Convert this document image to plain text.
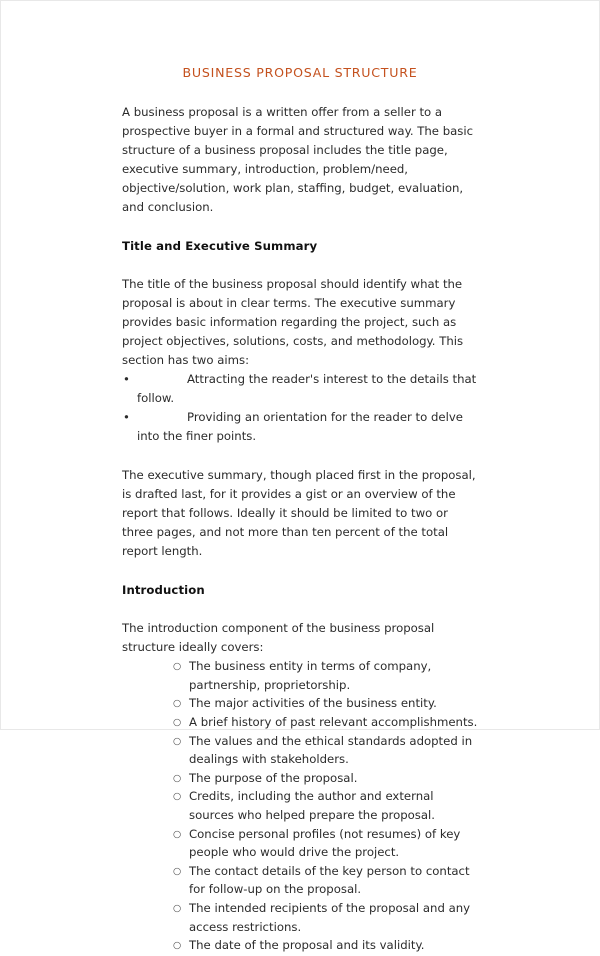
BUSINESS PROPOSAL STRUCTURE

A business proposal is a written offer from a seller to a prospective buyer in a formal and structured way. The basic structure of a business proposal includes the title page, executive summary, introduction, problem/need, objective/solution, work plan, staffing, budget, evaluation, and conclusion.

Title and Executive Summary

The title of the business proposal should identify what the proposal is about in clear terms. The executive summary provides basic information regarding the project, such as project objectives, solutions, costs, and methodology. This section has two aims:

•	Attracting the reader's interest to the details that follow.
•	Providing an orientation for the reader to delve into the finer points.

The executive summary, though placed first in the proposal, is drafted last, for it provides a gist or an overview of the report that follows. Ideally it should be limited to two or three pages, and not more than ten percent of the total report length.

Introduction

The introduction component of the business proposal structure ideally covers:

○ The business entity in terms of company, partnership, proprietorship.
○ The major activities of the business entity.
○ A brief history of past relevant accomplishments.
○ The values and the ethical standards adopted in dealings with stakeholders.
○ The purpose of the proposal.
○ Credits, including the author and external sources who helped prepare the proposal.
○ Concise personal profiles (not resumes) of key people who would drive the project.
○ The contact details of the key person to contact for follow-up on the proposal.
○ The intended recipients of the proposal and any access restrictions.
○ The date of the proposal and its validity.
